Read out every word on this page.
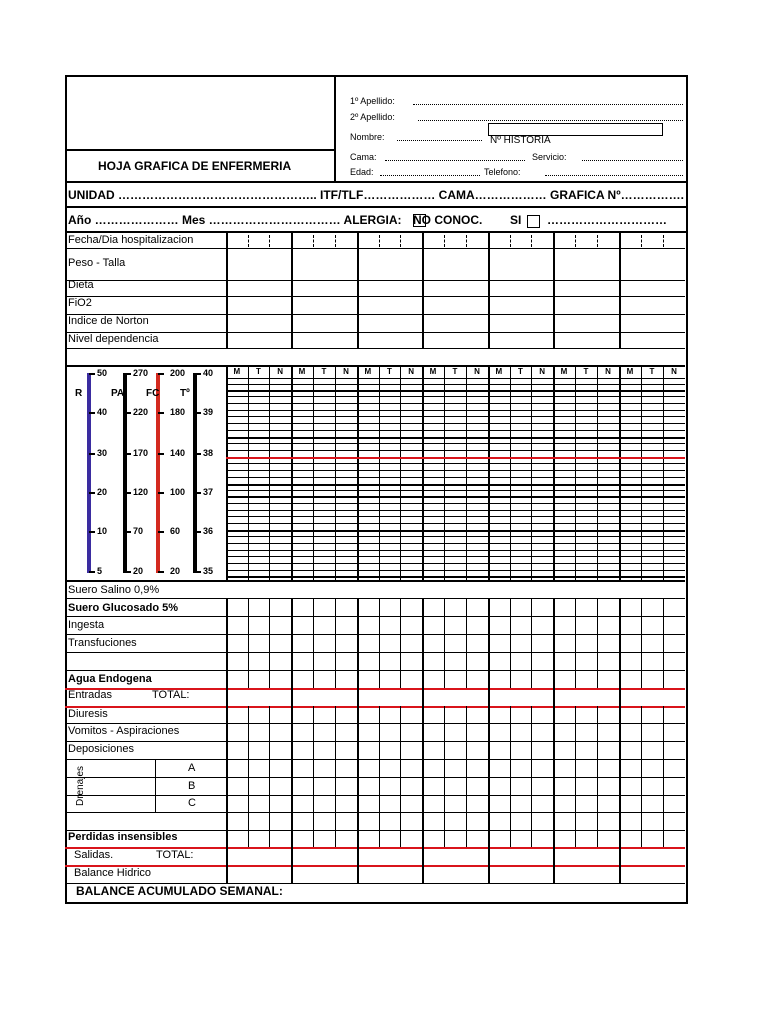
HOJA GRAFICA DE ENFERMERIA
1º Apellido:
2º Apellido:
Nombre:	Nº HISTORIA
Cama:	Servicio:
Edad:	Telefono:
UNIDAD ………………………………………….. ITF/TLF……………… CAMA……………… GRAFICA Nº…………….
Año ………………… Mes …………………………… ALERGIA: NO CONOC. SI …………………………
M	T	N	M	T	N	M	T	N	M	T	N	M	T	N	M	T	N	M	T	N
50
40
30
20
10
5
270
220
170
120
70
20
200
180
140
100
60
20
40
39
38
37
36
35
Fecha/Dia hospitalizacion
Peso - Talla
Dieta
FiO2
Indice de Norton
Nivel dependencia
Suero Salino 0,9%
Suero Glucosado 5%
Ingesta
Transfuciones
Agua Endogena
Entradas	TOTAL:
Diuresis
Vomitos - Aspiraciones
Deposiciones
Drenajes	A
B
C
Perdidas insensibles
Salidas.	TOTAL:
Balance Hidrico
BALANCE ACUMULADO SEMANAL:
R	PA FC Tº
